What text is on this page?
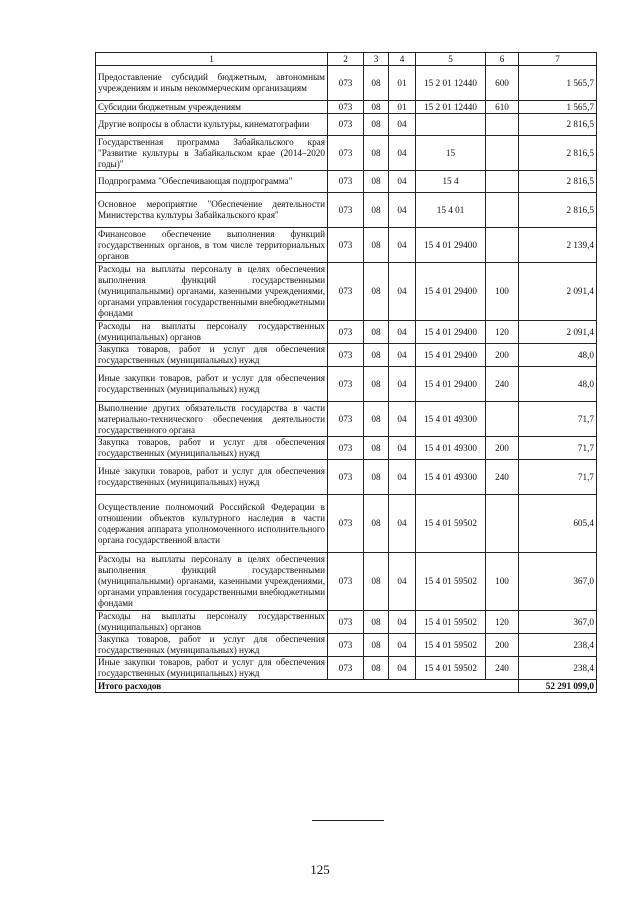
1	2	3	4	5	6	7
Предоставление субсидий бюджетным, автономным учреждениям и иным некоммерческим организациям	073	08	01	15 2 01 12440	600	1 565,7
Субсидии бюджетным учреждениям	073	08	01	15 2 01 12440	610	1 565,7
Другие вопросы в области культуры, кинематографии	073	08	04			2 816,5
Государственная программа Забайкальского края "Развитие культуры в Забайкальском крае (2014–2020 годы)"	073	08	04	15		2 816,5
Подпрограмма "Обеспечивающая подпрограмма"	073	08	04	15 4		2 816,5
Основное мероприятие "Обеспечение деятельности Министерства культуры Забайкальского края"	073	08	04	15 4 01		2 816,5
Финансовое обеспечение выполнения функций государственных органов, в том числе территориальных органов	073	08	04	15 4 01 29400		2 139,4
Расходы на выплаты персоналу в целях обеспечения выполнения функций государственными (муниципальными) органами, казенными учреждениями, органами управления государственными внебюджетными фондами	073	08	04	15 4 01 29400	100	2 091,4
Расходы на выплаты персоналу государственных (муниципальных) органов	073	08	04	15 4 01 29400	120	2 091,4
Закупка товаров, работ и услуг для обеспечения государственных (муниципальных) нужд	073	08	04	15 4 01 29400	200	48,0
Иные закупки товаров, работ и услуг для обеспечения государственных (муниципальных) нужд	073	08	04	15 4 01 29400	240	48,0
Выполнение других обязательств государства в части материально-технического обеспечения деятельности государственного органа	073	08	04	15 4 01 49300		71,7
Закупка товаров, работ и услуг для обеспечения государственных (муниципальных) нужд	073	08	04	15 4 01 49300	200	71,7
Иные закупки товаров, работ и услуг для обеспечения государственных (муниципальных) нужд	073	08	04	15 4 01 49300	240	71,7
Осуществление полномочий Российской Федерации в отношении объектов культурного наследия в части содержания аппарата уполномоченного исполнительного органа государственной власти	073	08	04	15 4 01 59502		605,4
Расходы на выплаты персоналу в целях обеспечения выполнения функций государственными (муниципальными) органами, казенными учреждениями, органами управления государственными внебюджетными фондами	073	08	04	15 4 01 59502	100	367,0
Расходы на выплаты персоналу государственных (муниципальных) органов	073	08	04	15 4 01 59502	120	367,0
Закупка товаров, работ и услуг для обеспечения государственных (муниципальных) нужд	073	08	04	15 4 01 59502	200	238,4
Иные закупки товаров, работ и услуг для обеспечения государственных (муниципальных) нужд	073	08	04	15 4 01 59502	240	238,4
Итого расходов						52 291 099,0
125
